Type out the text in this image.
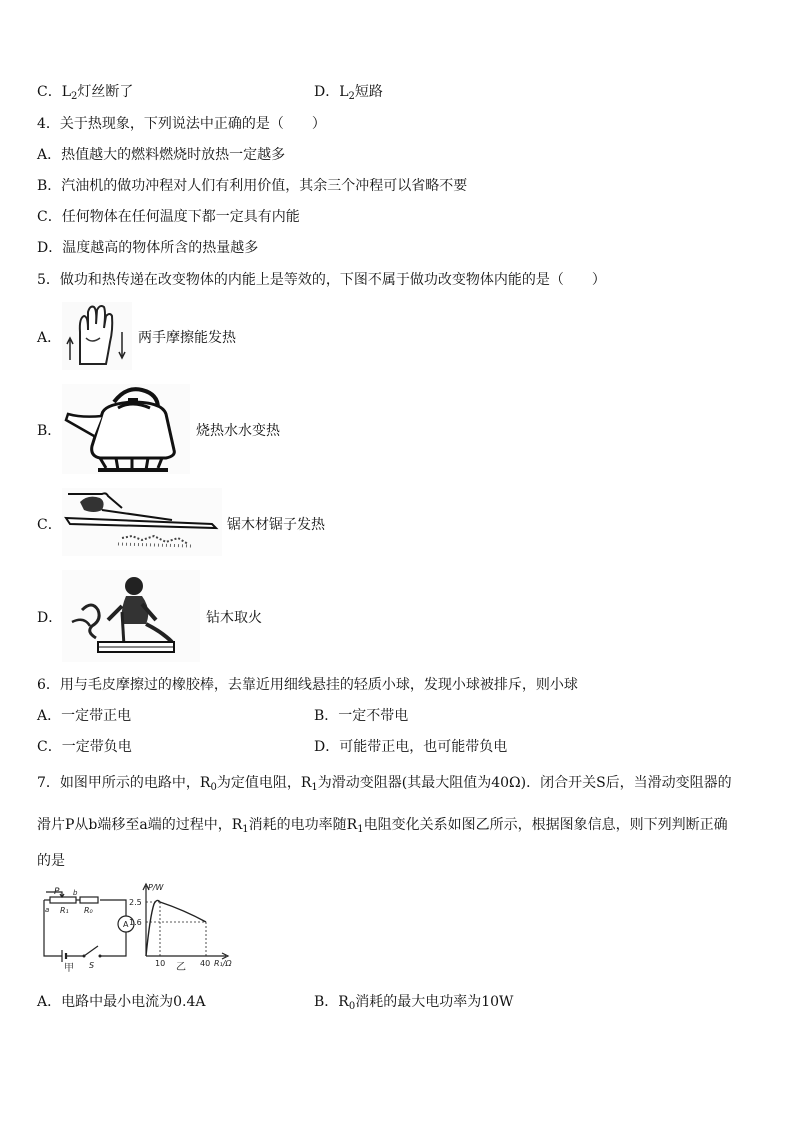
C．$L_2$灯丝断了	D．$L_2$短路
4．关于热现象，下列说法中正确的是（　　）
A．热值越大的燃料燃烧时放热一定越多
B．汽油机的做功冲程对人们有利用价值，其余三个冲程可以省略不要
C．任何物体在任何温度下都一定具有内能
D．温度越高的物体所含的热量越多
5．做功和热传递在改变物体的内能上是等效的，下图不属于做功改变物体内能的是（　　）
A．	两手摩擦能发热
B．	烧热水水变热
C．	锯木材锯子发热
D．	钻木取火
6．用与毛皮摩擦过的橡胶棒，去靠近用细线悬挂的轻质小球，发现小球被排斥，则小球
A．一定带正电	B．一定不带电
C．一定带负电	D．可能带正电，也可能带负电
7．如图甲所示的电路中，$R_0$为定值电阻，$R_1$为滑动变阻器(其最大阻值为40Ω)．闭合开关S后，当滑动变阻器的
滑片P从b端移至a端的过程中，$R_1$消耗的电功率随$R_1$电阻变化关系如图乙所示，根据图象信息，则下列判断正确
的是
P
a
b
R₁ R₀
A
S
甲
P/W
2.5
1.6
10	40 R₁/Ω
乙
A．电路中最小电流为0.4A	B．$R_0$消耗的最大电功率为10W
